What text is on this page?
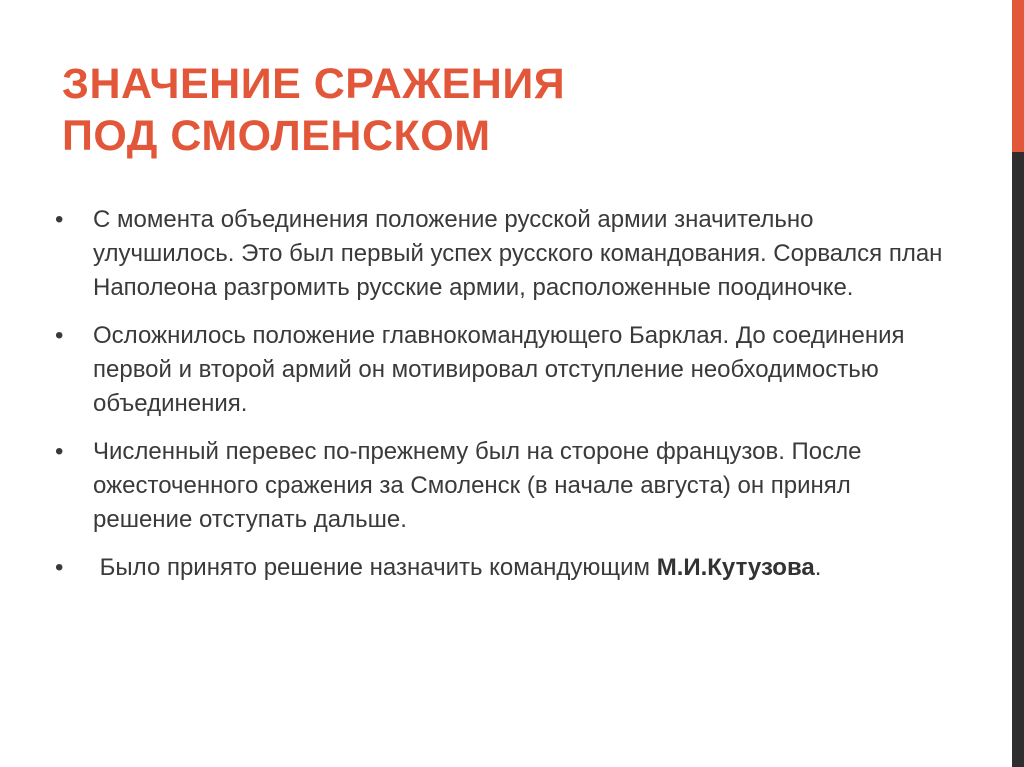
ЗНАЧЕНИЕ СРАЖЕНИЯ
ПОД СМОЛЕНСКОМ
•	С момента объединения положение русской армии значительно улучшилось. Это был первый успех русского командования. Сорвался план Наполеона разгромить русские армии, расположенные поодиночке.
•	Осложнилось положение главнокомандующего Барклая. До соединения первой и второй армий он мотивировал отступление необходимостью объединения.
•	Численный перевес по-прежнему был на стороне французов. После ожесточенного сражения за Смоленск (в начале августа) он принял решение отступать дальше.
•	Было принято решение назначить командующим М.И.Кутузова.
